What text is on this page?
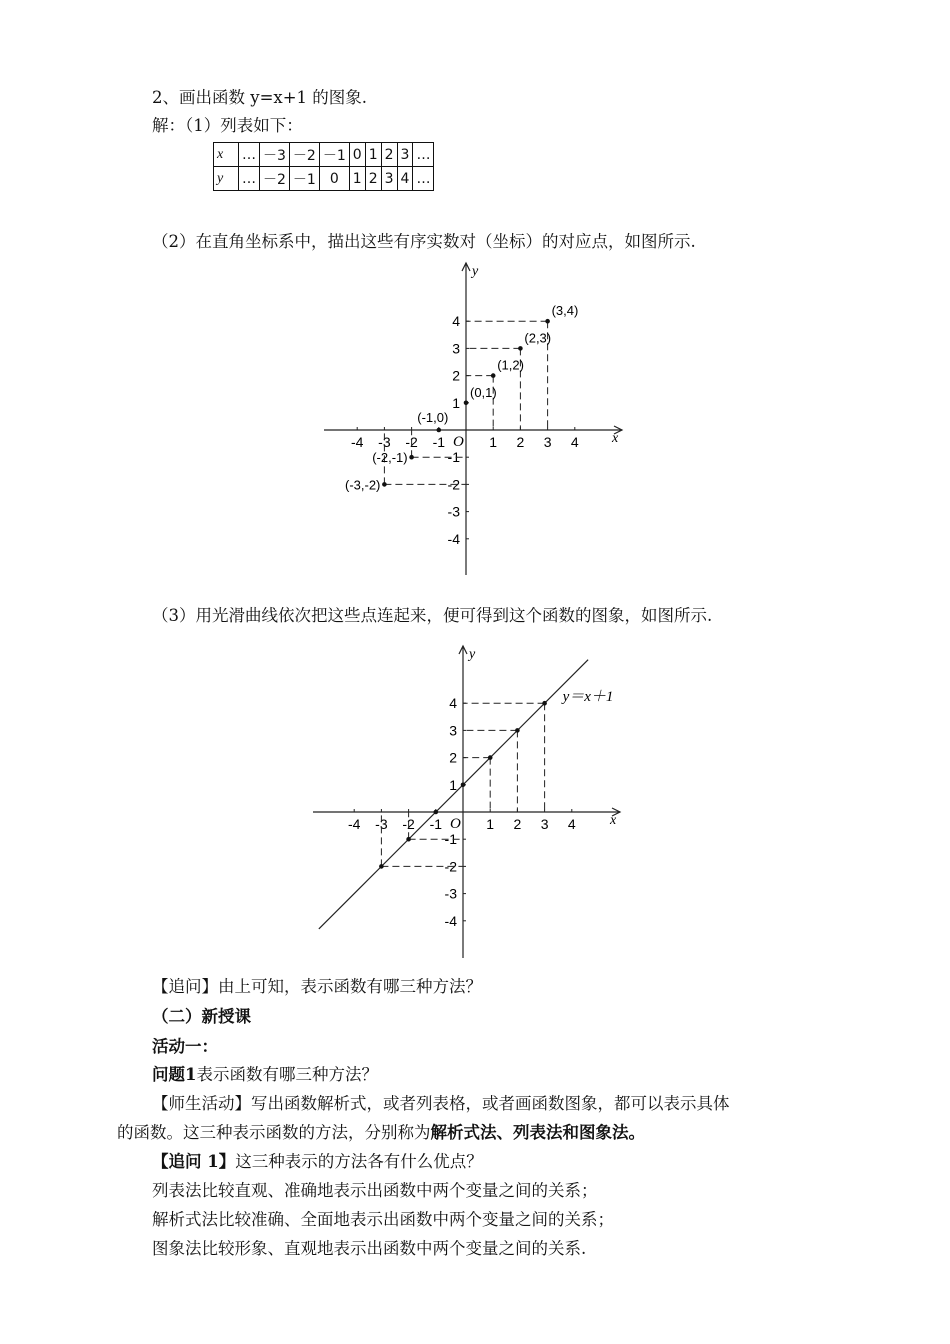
2、画出函数 y=x+1 的图象.
解：（1）列表如下：
x	…	－3	－2	－1	0	1	2	3	…
y	…	－2	－1	0	1	2	3	4	…
（2）在直角坐标系中，描出这些有序实数对（坐标）的对应点，如图所示.
x
y
O
-4 -3 -2 -1	1 2 3 4
4
3
2
1
-1
-2
-3
-4
(-3,-2)
(-2,-1)
(-1,0)
(0,1)
(1,2)
(2,3)
(3,4)
（3）用光滑曲线依次把这些点连起来，便可得到这个函数的图象，如图所示.
x
y
O
-4 -3 -2 -1	1 2 3 4
4
3
2
1
-1
-2
-3
-4
y＝x＋1
【追问】由上可知，表示函数有哪三种方法？
（二）新授课
活动一：
问题1表示函数有哪三种方法？
【师生活动】写出函数解析式，或者列表格，或者画函数图象，都可以表示具体
的函数。这三种表示函数的方法，分别称为解析式法、列表法和图象法。
【追问 1】这三种表示的方法各有什么优点？
列表法比较直观、准确地表示出函数中两个变量之间的关系；
解析式法比较准确、全面地表示出函数中两个变量之间的关系；
图象法比较形象、直观地表示出函数中两个变量之间的关系.
